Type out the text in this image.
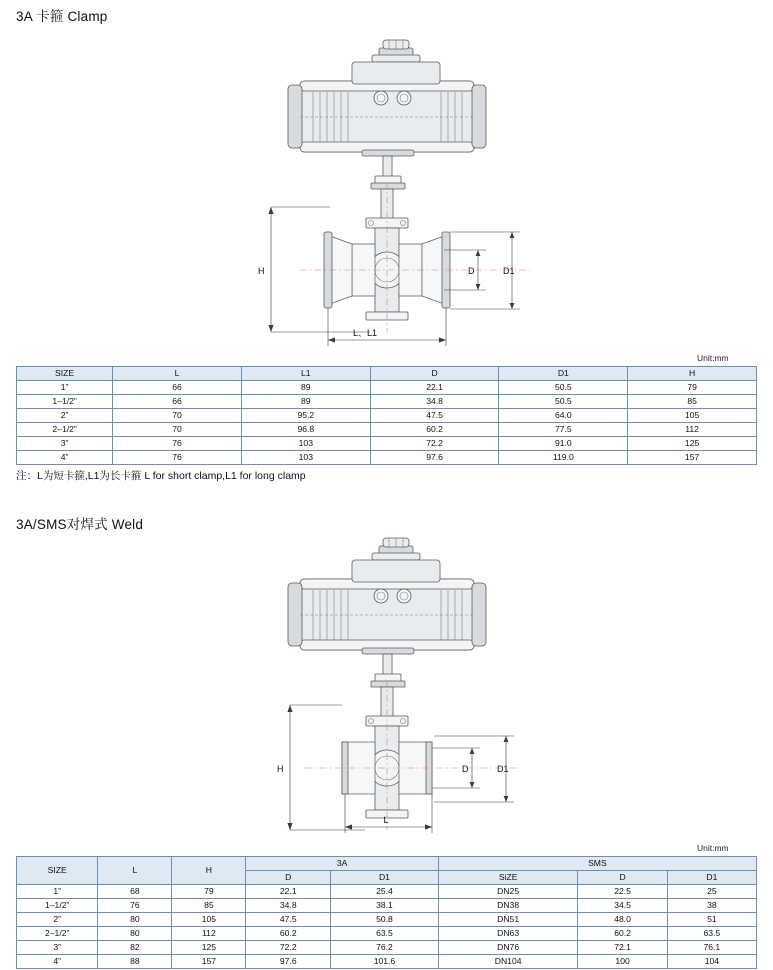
3A 卡箍 Clamp
H	D	D1
L、L1
Unit:mm
SIZE	L	L1	D	D1	H
1”	66	89	22.1	50.5	79
1–1/2”	66	89	34.8	50.5	85
2”	70	95.2	47.5	64.0	105
2–1/2”	70	96.8	60.2	77.5	112
3”	76	103	72.2	91.0	125
4”	76	103	97.6	119.0	157
注：L为短卡箍,L1为长卡箍 L for short clamp,L1 for long clamp
3A/SMS对焊式 Weld
H	D	D1
L
Unit:mm
SIZE	L	H	3A		SMS		
			D	D1	SiZE	D	D1
1”	68	79	22.1	25.4	DN25	22.5	25
1–1/2”	76	85	34.8	38.1	DN38	34.5	38
2”	80	105	47.5	50.8	DN51	48.0	51
2–1/2”	80	112	60.2	63.5	DN63	60.2	63.5
3”	82	125	72.2	76.2	DN76	72.1	76.1
4”	88	157	97.6	101.6	DN104	100	104
